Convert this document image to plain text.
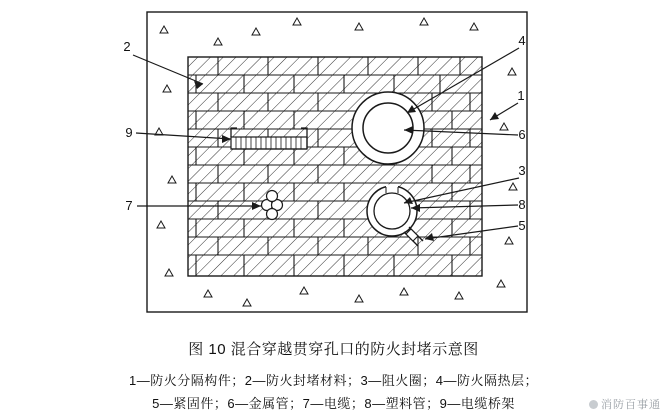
1
2
3
4
5
6
7	8
9
图 10 混合穿越贯穿孔口的防火封堵示意图
1—防火分隔构件；2—防火封堵材料；3—阻火圈；4—防火隔热层；
5—紧固件；6—金属管；7—电缆；8—塑料管；9—电缆桥架	消防百事通
